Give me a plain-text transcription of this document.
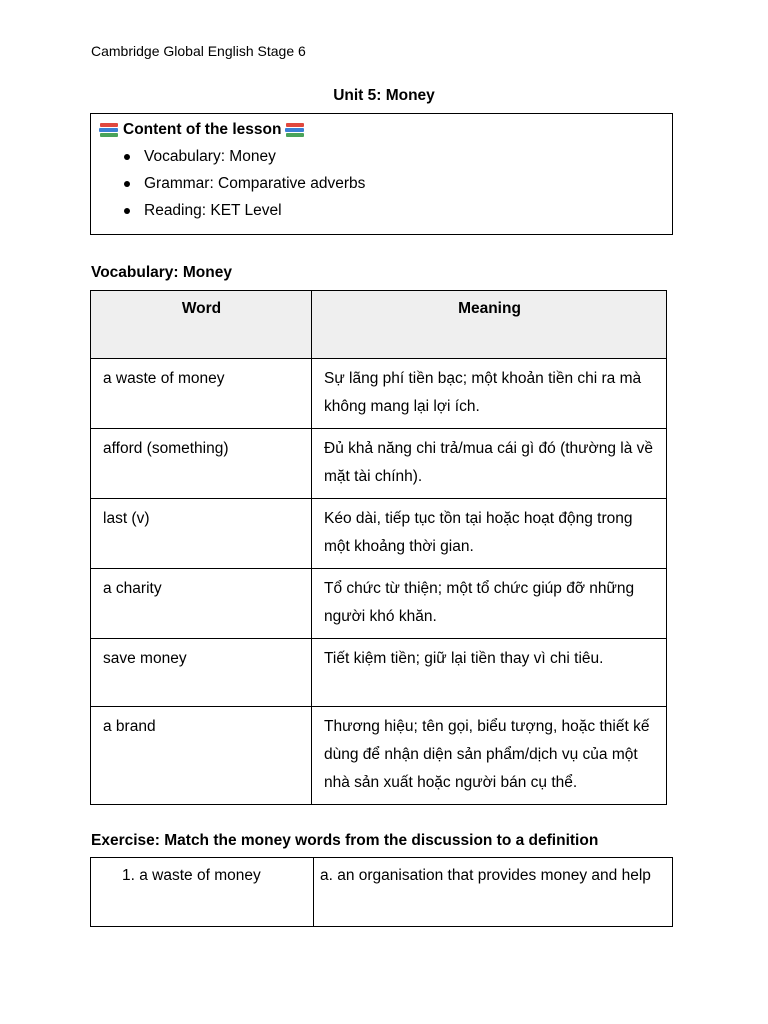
Cambridge Global English Stage 6
Unit 5: Money
Content of the lesson
Vocabulary: Money
Grammar: Comparative adverbs
Reading: KET Level
Vocabulary: Money
Word	Meaning
a waste of money	Sự lãng phí tiền bạc; một khoản tiền chi ra mà không mang lại lợi ích.
afford (something)	Đủ khả năng chi trả/mua cái gì đó (thường là về mặt tài chính).
last (v)	Kéo dài, tiếp tục tồn tại hoặc hoạt động trong một khoảng thời gian.
a charity	Tổ chức từ thiện; một tổ chức giúp đỡ những người khó khăn.
save money	Tiết kiệm tiền; giữ lại tiền thay vì chi tiêu.
a brand	Thương hiệu; tên gọi, biểu tượng, hoặc thiết kế dùng để nhận diện sản phẩm/dịch vụ của một nhà sản xuất hoặc người bán cụ thể.
Exercise: Match the money words from the discussion to a definition
1. a waste of money	a. an organisation that provides money and help
